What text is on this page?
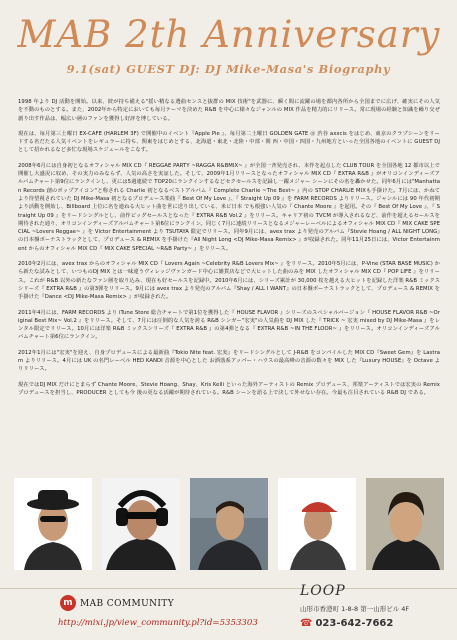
MAB 2th Anniversary
9.1(sat) GUEST DJ: DJ Mike-Masa's Biography

1998 年より DJ 活動を開始。以来、彼が持ち備える"揺い精なる選曲センスと抜群の MIX 技術"を武器に、瞬く間に流躍の場を都内各所から全国までに広げ、確実にその人気を不動のものとする。また、2002年から特定においても毎月テーマを決めた R&B を中心に様々なジャンルの MIX 作品を精力的にリリース。常に現場の経験と知識を繰り交ぜ創り出す作品は、幅広い層のファンを獲得し好評を博している。

現在は、毎月第三土曜日 EX-CAFE (HARLEM 3F) で開催中のイベント『Apple Pie 』、毎月第二土曜日 GOLDEN GATE ＠ 渋谷 axxcis をはじめ、東京のクラブシーンをリードする名だたる人気イベントをレギュラーに持ち、関東をはじめとする、北海道・東北・北陸・中部・関 西・中国・四国・九州地方といった全国各地のイベントに GUEST DJ として招かれるなど多忙な現場スケジュールをこなす。

2008年6月には自身初となるオフィシャル MIX CD『 REGGAE PARTY ~RAGGA R&BMIX~ 』が全国一斉発売され、本作を起点した CLUB TOUR を全国各地 12 都市以上で開催し大盛況に収め、その実力のみならず、人気の高さを実証した。そして、2009年1月リリースとなったオフィシャル MIX CD『 EXTRA R&B 』がオリコンインディーズアルバムチャート第9位にランクインし、更には5週連続で TOP20にランクインするなどセクセールスを記録し一躍メジャー シーンにその名を轟かせた。同年6月には"Manhattan Records 創のポップアイコン"と称される Charlie 初となるベストアルバム『 Complete Charlie ~The Best~ 』内の STOP CHARLIE MIXも手掛けた。7月には、かねてより待望視されていた DJ Mike-Masa 初となるプロデュース楽曲『 Best Of My Love 』、『 Straight Up 09 』を FARM RECORDS よりリリース。ジャンルには 90 年代初期より活動を開始し、Billboard 上位に名を連ねる大ヒット曲を世に送り出している、米ビ日本 でも根強い人気の『 Chante Moore 』を起用。その『 Best Of My Love 』、『 Straight Up 09 』をリードシングルとし、前作ビッグセールスとなった『 EXTRA R&B Vol.2 』をリリース。キャリア初の TVCM が導入されるなど、前作を超えるセールスを期待された通り、オリコンインディーズアルバムチャート第6位にランクイン。同じく7月に連続リリースとなるメジャーレーベルによるオフィシャル MIX CD『 MIX CAKE SPECIAL ~Lovers Reggae~ 』を Victor Entertainment より TSUTAYA 限定でリリース。同年9月には、avex trax より発売のアルバム『Stevie Hoang / ALL NIGHT LONG』の日本盤ボーナストラックとして、プロデュース & REMIX を手掛けた『All Night Long <DJ Mike-Masa Remix> 』が収録された。同年11月25日には、Victor Entertainment からのオフィシャル MIX CD『 MIX CAKE SPECIAL ~R&B Party~ 』をリリース。

2010年2月には、avex trax からのオフィシャル MIX CD『 Lovers Again ~Celebrity R&B Lovers Mix~ 』をリリース。2010年5月には、P-Vine (STAR BASE MUSIC) から新たな試みとして、いつものDJ MIX とは一味違うヴィレッジヴァンガード中心に雑貨店などで大ヒットした曲のみを MIX したオフィシャル MIX CD『 POP LIFE 』をリリース。これが R&B 以外の新たなファン層を取り込み、現在も好セールスを記録中。2010年6月には、シリーズ累計が 30,000 枚を越える大ヒットを記録した洋楽 R&B ミックスシリーズ『 EXTRA R&B 』の第3弾をリリース。9月には avex trax より発売のアルバム『Shay / ALL I WANT』の日本盤ボーナストラックとして、プロデュース & REMIX を手掛けた『Dance <DJ Mike-Masa Remix> 』が収録された。

2011年4月には、FARM RECORDS より iTune Store 総合チャートで第1位を獲得した『 HOUSE FLAVOR 』シリーズのスペシャルバージョン『 HOUSE FLAVOR R&B ~Original Best Mix~ Vol.2 』をリリース。そして、7月には圧倒的な人気を誇る R&B シンガー"宏実"の人気曲を DJ MIX した『 TRICK ~ 宏実 mixed by DJ Mike-Masa 』をレンタル限定でリリース。10月には洋楽 R&B ミックスシリーズ『 EXTRA R&B 』の第4弾となる『 EXTRA R&B ~IN THE FLOOR~ 』をリリース。オリコンインディーズアルバムチャート第6位にランクイン。

2012年1月には"宏実"を迎え、自身プロデュースによる最新曲『Tokio Nite feat. 宏実』をリードシングルとして J-R&B をコンパイルした MIX CD『Sweet Gem』を Lastram よりリリース。4月には UK の名門レーベル HED KANDI 音源を中心とした お洒落系アッパー・ハウスの最高峰の音源の数々を MIX した『Luxury HOUSE』を Octave よりリリース。

現在ではDJ MIX だけにとまらず Chante Moore、Stevie Hoang、Shay、Kris Kelli といった海外アーティストの Remix プロデュース、邦楽アーティストでは宏実の Remix プロデュースを担当し、PRODUCER としても今 後の更なる活躍が期待されている。R&B シーンを語る上で決して外せない存在。今最も注目されている R&B DJ である。

m MAB COMMUNITY
http://mixi.jp/view_community.pl?id=5353303
LOOP
山形市香澄町 1-8-8 第一山形ビル 4F
☎ 023-642-7662
